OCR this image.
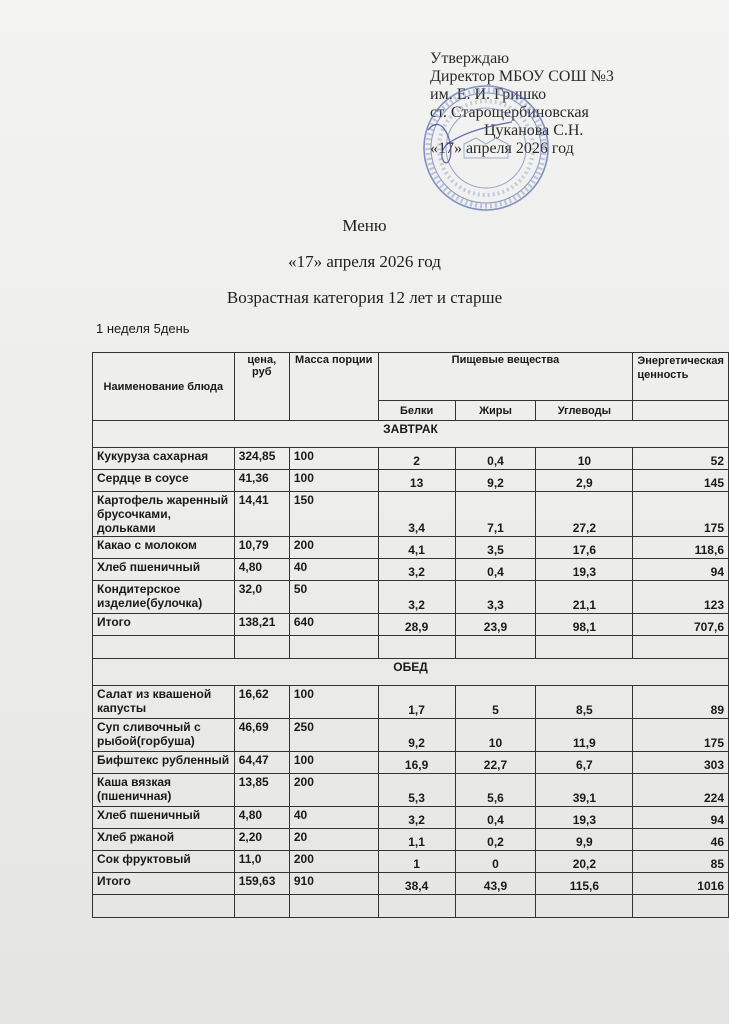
Утверждаю
Директор МБОУ СОШ №3
им. Е. И. Гришко
ст. Старощербиновская
Цуканова С.Н.
«17» апреля 2026 год
Меню
«17» апреля 2026 год
Возрастная категория 12 лет и старше
1 неделя 5день
Наименование блюда	цена, руб	Масса порции	Пищевые вещества			Энергетическая ценность
			Белки	Жиры	Углеводы	
ЗАВТРАК						
Кукуруза сахарная	324,85	100	2	0,4	10	52
Сердце в соусе	41,36	100	13	9,2	2,9	145
Картофель жаренный брусочками, дольками	14,41	150	3,4	7,1	27,2	175
Какао с молоком	10,79	200	4,1	3,5	17,6	118,6
Хлеб пшеничный	4,80	40	3,2	0,4	19,3	94
Кондитерское изделие(булочка)	32,0	50	3,2	3,3	21,1	123
Итого	138,21	640	28,9	23,9	98,1	707,6

ОБЕД						
Салат из квашеной капусты	16,62	100	1,7	5	8,5	89
Суп сливочный с рыбой(горбуша)	46,69	250	9,2	10	11,9	175
Бифштекс рубленный	64,47	100	16,9	22,7	6,7	303
Каша вязкая (пшеничная)	13,85	200	5,3	5,6	39,1	224
Хлеб пшеничный	4,80	40	3,2	0,4	19,3	94
Хлеб ржаной	2,20	20	1,1	0,2	9,9	46
Сок фруктовый	11,0	200	1	0	20,2	85
Итого	159,63	910	38,4	43,9	115,6	1016
